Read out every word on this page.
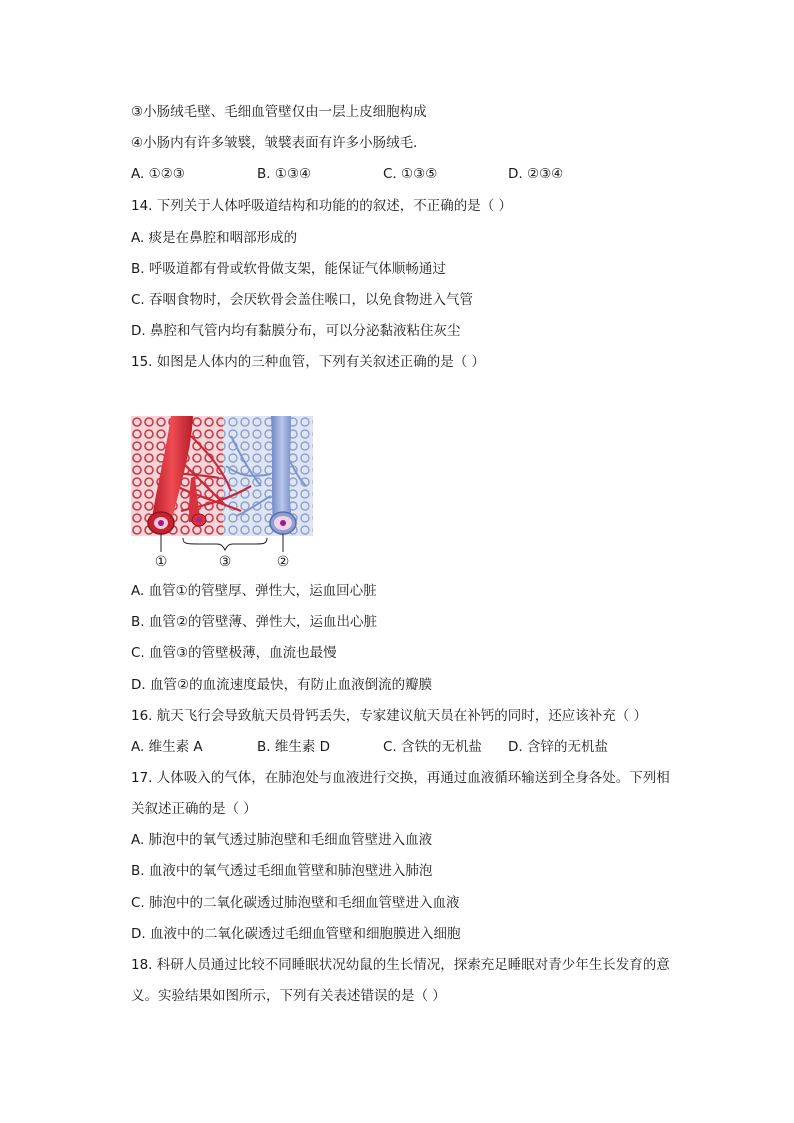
③小肠绒毛壁、毛细血管壁仅由一层上皮细胞构成
④小肠内有许多皱襞，皱襞表面有许多小肠绒毛．
A. ①②③	B. ①③④	C. ①③⑤	D. ②③④
14. 下列关于人体呼吸道结构和功能的的叙述，不正确的是（ ）
A. 痰是在鼻腔和咽部形成的
B. 呼吸道都有骨或软骨做支架，能保证气体顺畅通过
C. 吞咽食物时，会厌软骨会盖住喉口，以免食物进入气管
D. 鼻腔和气管内均有黏膜分布，可以分泌黏液粘住灰尘
15. 如图是人体内的三种血管，下列有关叙述正确的是（ ）
①	③	②
A. 血管①的管壁厚、弹性大，运血回心脏
B. 血管②的管壁薄、弹性大，运血出心脏
C. 血管③的管壁极薄，血流也最慢
D. 血管②的血流速度最快，有防止血液倒流的瓣膜
16. 航天飞行会导致航天员骨钙丢失，专家建议航天员在补钙的同时，还应该补充（ ）
A. 维生素 A	B. 维生素 D	C. 含铁的无机盐 D. 含锌的无机盐
17. 人体吸入的气体，在肺泡处与血液进行交换，再通过血液循环输送到全身各处。下列相
关叙述正确的是（ ）
A. 肺泡中的氧气透过肺泡壁和毛细血管壁进入血液
B. 血液中的氧气透过毛细血管壁和肺泡壁进入肺泡
C. 肺泡中的二氧化碳透过肺泡壁和毛细血管壁进入血液
D. 血液中的二氧化碳透过毛细血管壁和细胞膜进入细胞
18. 科研人员通过比较不同睡眠状况幼鼠的生长情况，探索充足睡眠对青少年生长发育的意
义。实验结果如图所示，下列有关表述错误的是（ ）
